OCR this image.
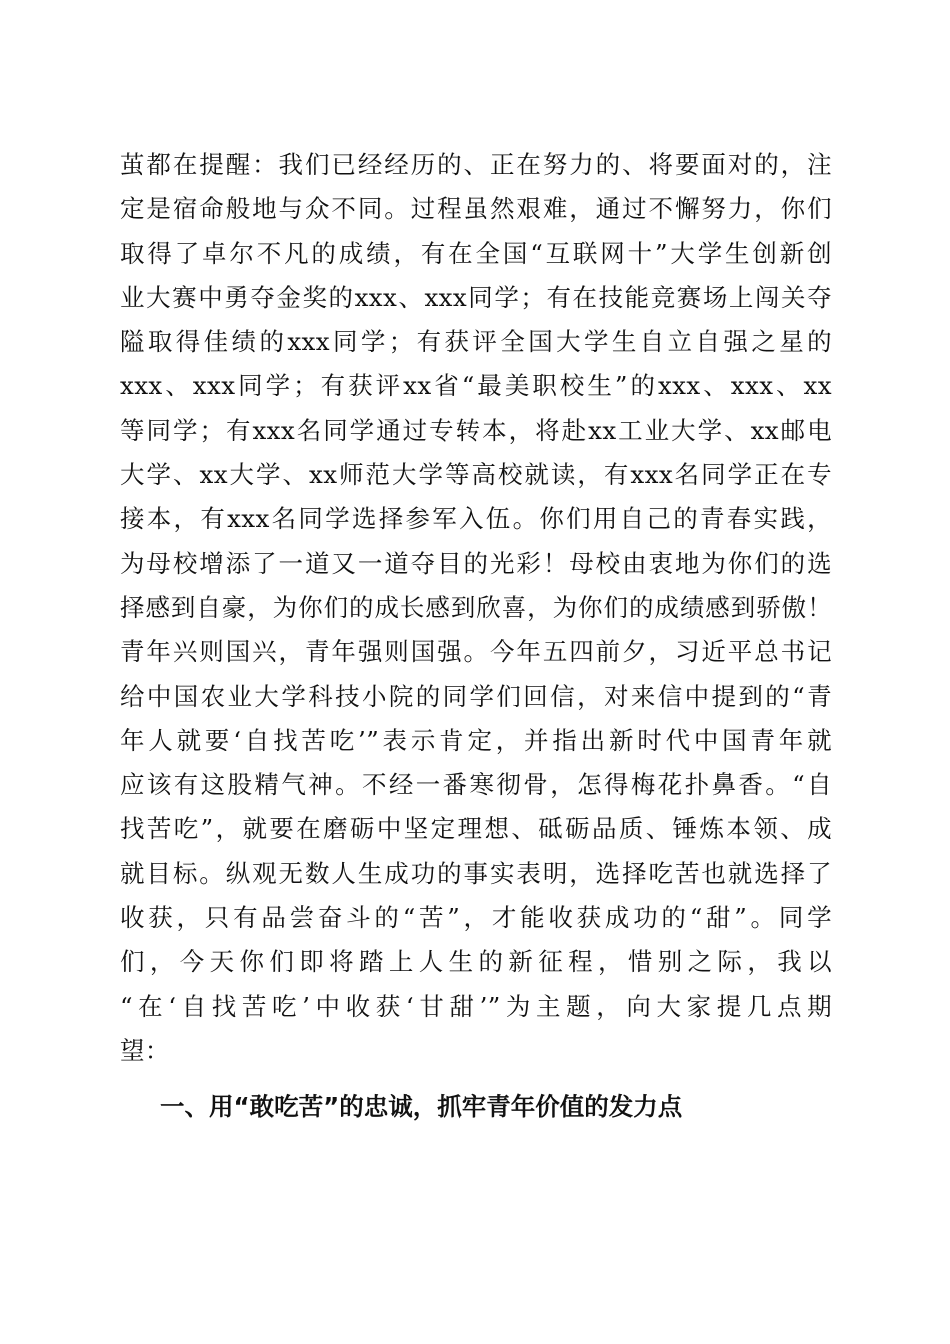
茧都在提醒：我们已经经历的、正在努力的、将要面对的，注
定是宿命般地与众不同。过程虽然艰难，通过不懈努力，你们
取得了卓尔不凡的成绩，有在全国“互联网十”大学生创新创
业大赛中勇夺金奖的xxx、xxx同学；有在技能竞赛场上闯关夺
隘取得佳绩的xxx同学；有获评全国大学生自立自强之星的
xxx、xxx同学；有获评xx省“最美职校生”的xxx、xxx、xx
等同学；有xxx名同学通过专转本，将赴xx工业大学、xx邮电
大学、xx大学、xx师范大学等高校就读，有xxx名同学正在专
接本，有xxx名同学选择参军入伍。你们用自己的青春实践，
为母校增添了一道又一道夺目的光彩！母校由衷地为你们的选
择感到自豪，为你们的成长感到欣喜，为你们的成绩感到骄傲！
青年兴则国兴，青年强则国强。今年五四前夕，习近平总书记
给中国农业大学科技小院的同学们回信，对来信中提到的“青
年人就要‘自找苦吃’”表示肯定，并指出新时代中国青年就
应该有这股精气神。不经一番寒彻骨，怎得梅花扑鼻香。“自
找苦吃”，就要在磨砺中坚定理想、砥砺品质、锤炼本领、成
就目标。纵观无数人生成功的事实表明，选择吃苦也就选择了
收获，只有品尝奋斗的“苦”，才能收获成功的“甜”。同学
们，今天你们即将踏上人生的新征程，惜别之际，我以
“在‘自找苦吃’中收获‘甘甜’”为主题，向大家提几点期
望：
一、用“敢吃苦”的忠诚，抓牢青年价值的发力点
